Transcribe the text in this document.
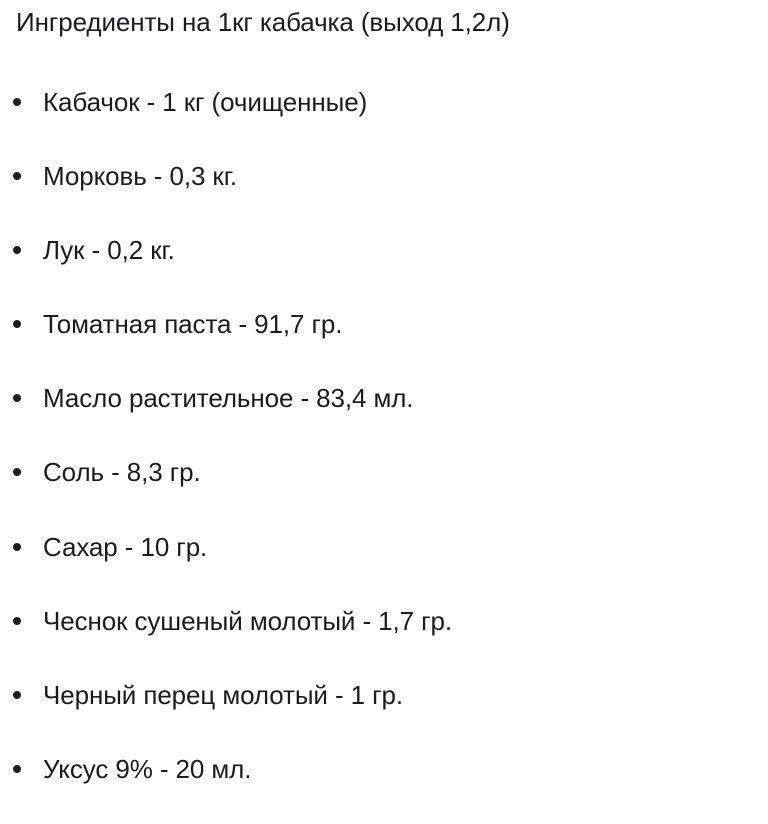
Ингредиенты на 1кг кабачка (выход 1,2л)
Кабачок - 1 кг (очищенные)
Морковь - 0,3 кг.
Лук - 0,2 кг.
Томатная паста - 91,7 гр.
Масло растительное - 83,4 мл.
Соль - 8,3 гр.
Сахар - 10 гр.
Чеснок сушеный молотый - 1,7 гр.
Черный перец молотый - 1 гр.
Уксус 9% - 20 мл.
